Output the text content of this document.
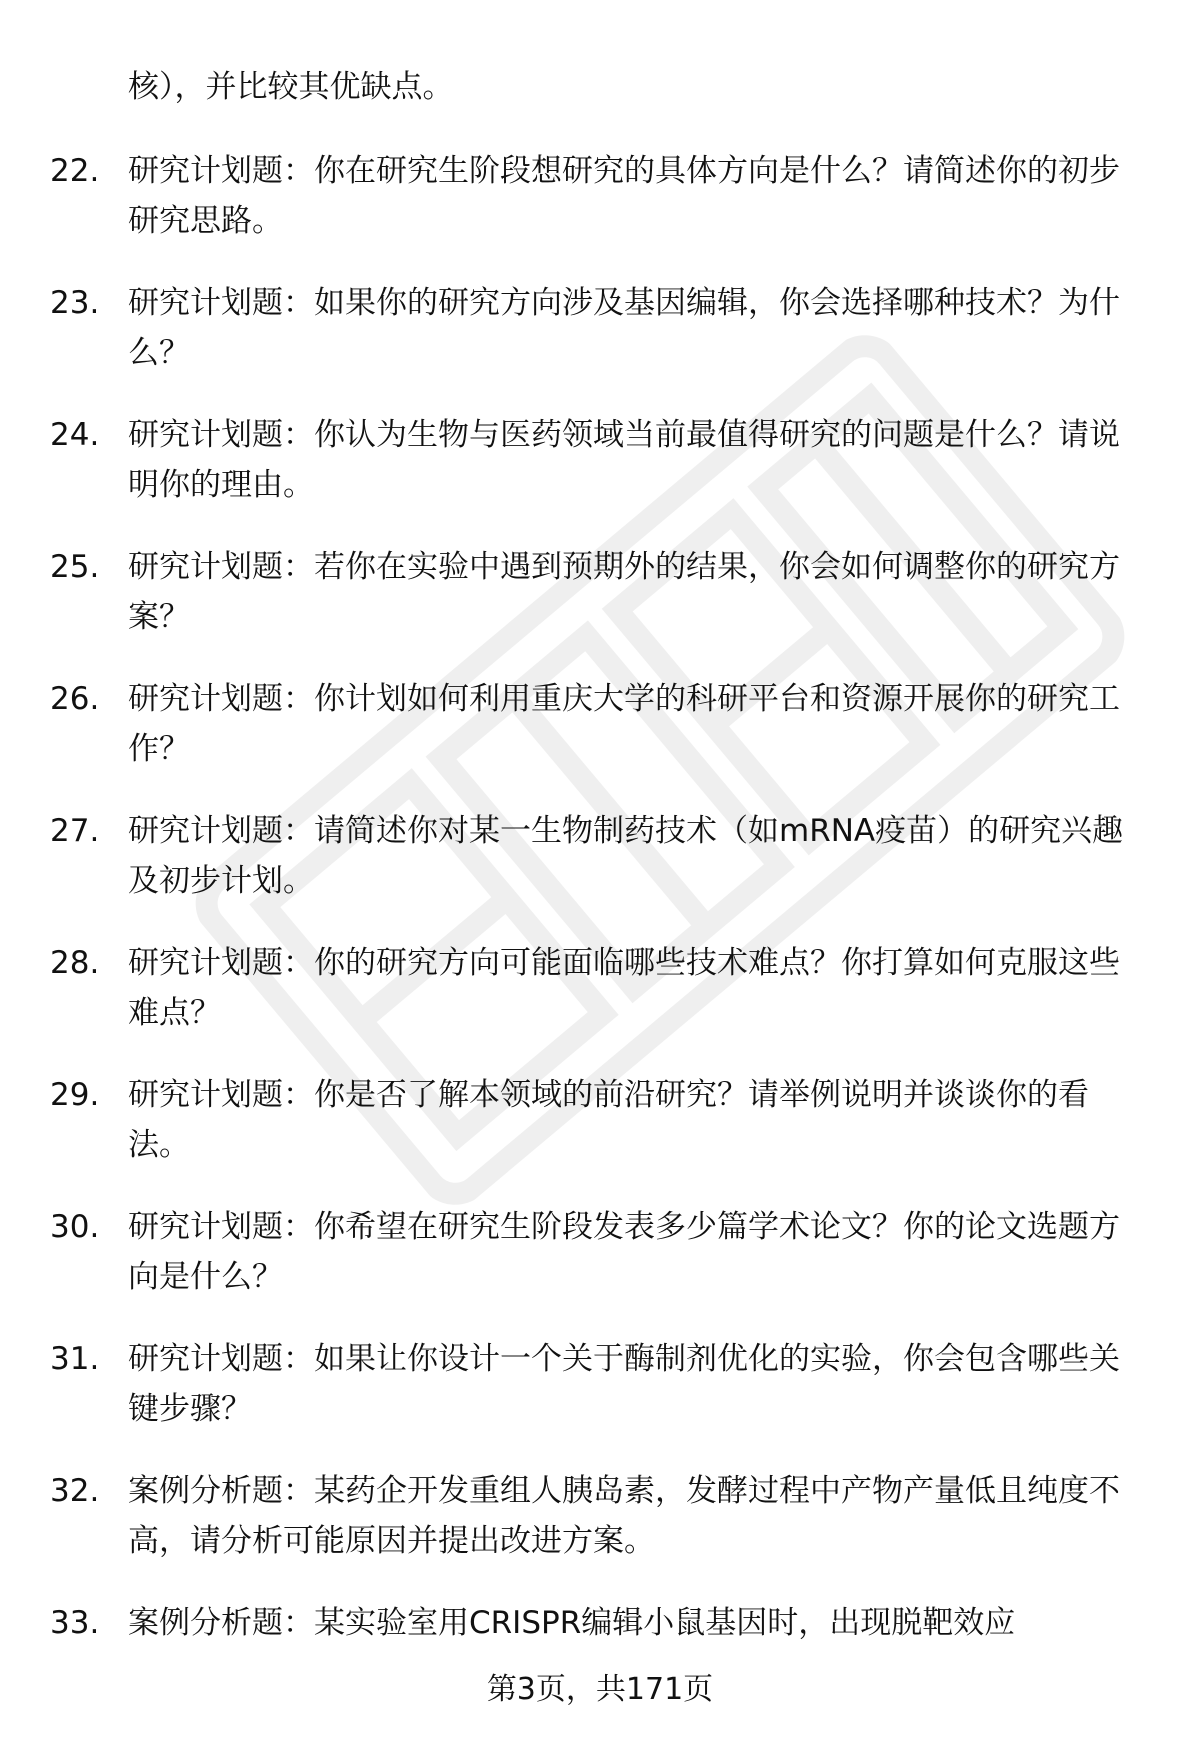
核），并比较其优缺点。
22. 研究计划题：你在研究生阶段想研究的具体方向是什么？请简述你的初步研究思路。
23. 研究计划题：如果你的研究方向涉及基因编辑，你会选择哪种技术？为什么？
24. 研究计划题：你认为生物与医药领域当前最值得研究的问题是什么？请说明你的理由。
25. 研究计划题：若你在实验中遇到预期外的结果，你会如何调整你的研究方案？
26. 研究计划题：你计划如何利用重庆大学的科研平台和资源开展你的研究工作？
27. 研究计划题：请简述你对某一生物制药技术（如mRNA疫苗）的研究兴趣及初步计划。
28. 研究计划题：你的研究方向可能面临哪些技术难点？你打算如何克服这些难点？
29. 研究计划题：你是否了解本领域的前沿研究？请举例说明并谈谈你的看法。
30. 研究计划题：你希望在研究生阶段发表多少篇学术论文？你的论文选题方向是什么？
31. 研究计划题：如果让你设计一个关于酶制剂优化的实验，你会包含哪些关键步骤？
32. 案例分析题：某药企开发重组人胰岛素，发酵过程中产物产量低且纯度不高，请分析可能原因并提出改进方案。
33. 案例分析题：某实验室用CRISPR编辑小鼠基因时，出现脱靶效应
第3页，共171页
